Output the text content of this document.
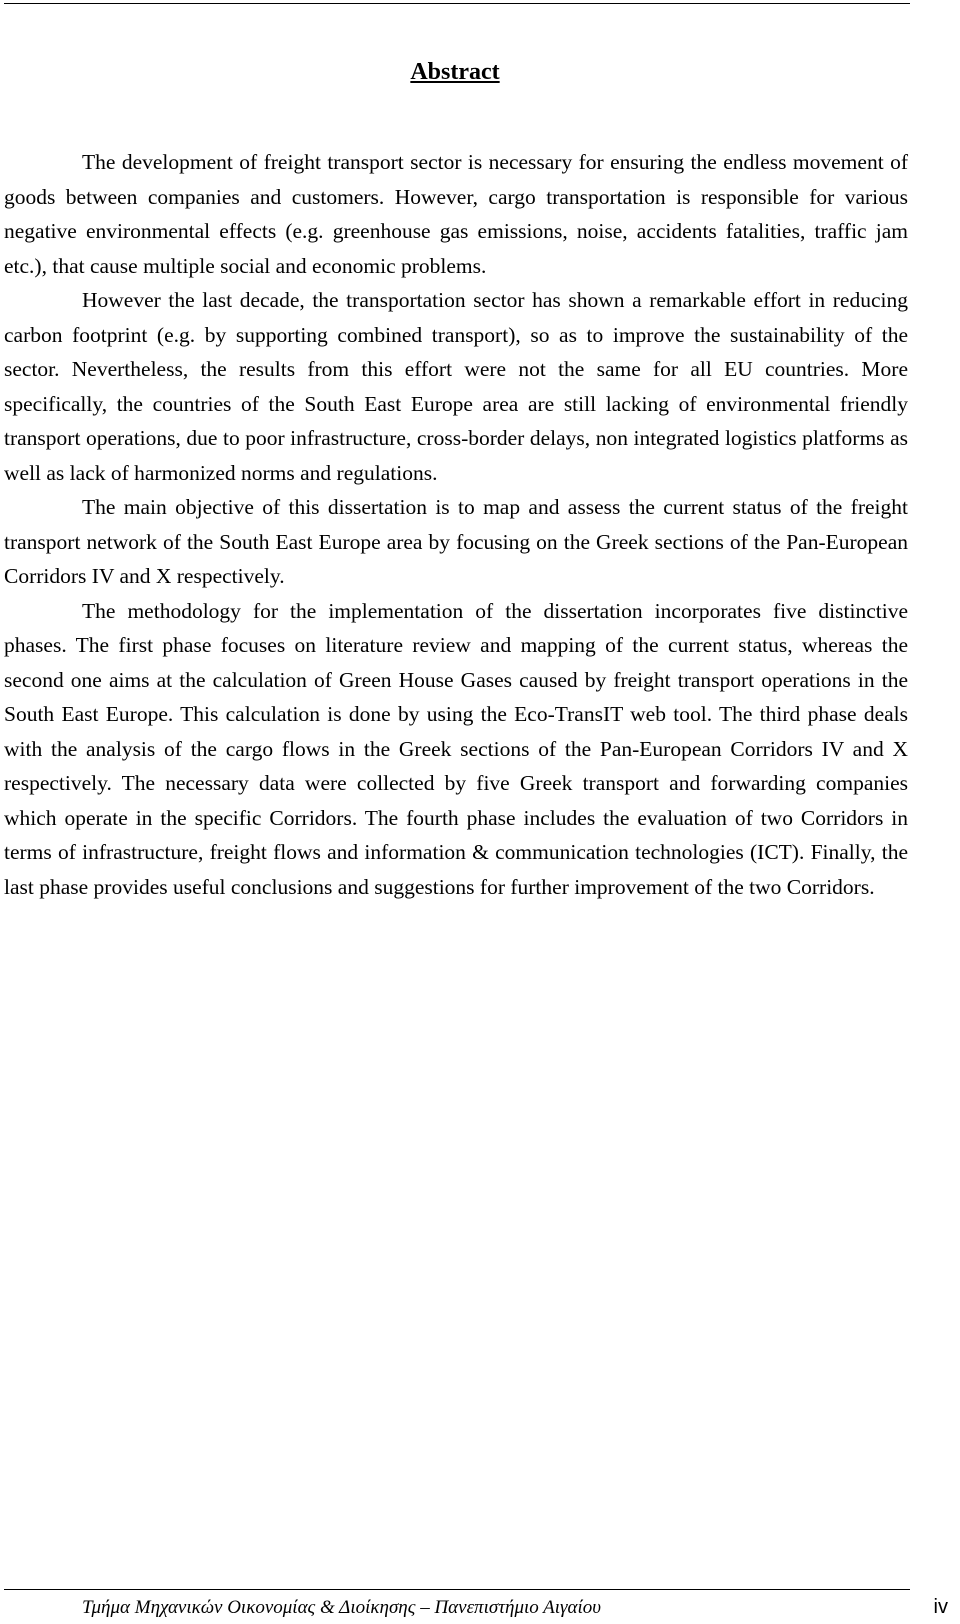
Abstract

The development of freight transport sector is necessary for ensuring the endless movement of goods between companies and customers. However, cargo transportation is responsible for various negative environmental effects (e.g. greenhouse gas emissions, noise, accidents fatalities, traffic jam etc.), that cause multiple social and economic problems.

However the last decade, the transportation sector has shown a remarkable effort in reducing carbon footprint (e.g. by supporting combined transport), so as to improve the sustainability of the sector. Nevertheless, the results from this effort were not the same for all EU countries. More specifically, the countries of the South East Europe area are still lacking of environmental friendly transport operations, due to poor infrastructure, cross-border delays, non integrated logistics platforms as well as lack of harmonized norms and regulations.

The main objective of this dissertation is to map and assess the current status of the freight transport network of the South East Europe area by focusing on the Greek sections of the Pan-European Corridors IV and X respectively.

The methodology for the implementation of the dissertation incorporates five distinctive phases. The first phase focuses on literature review and mapping of the current status, whereas the second one aims at the calculation of Green House Gases caused by freight transport operations in the South East Europe. This calculation is done by using the Eco-TransIT web tool. The third phase deals with the analysis of the cargo flows in the Greek sections of the Pan-European Corridors IV and X respectively. The necessary data were collected by five Greek transport and forwarding companies which operate in the specific Corridors. The fourth phase includes the evaluation of two Corridors in terms of infrastructure, freight flows and information & communication technologies (ICT). Finally, the last phase provides useful conclusions and suggestions for further improvement of the two Corridors.

Τμήμα Μηχανικών Οικονομίας & Διοίκησης – Πανεπιστήμιο Αιγαίου	iv
